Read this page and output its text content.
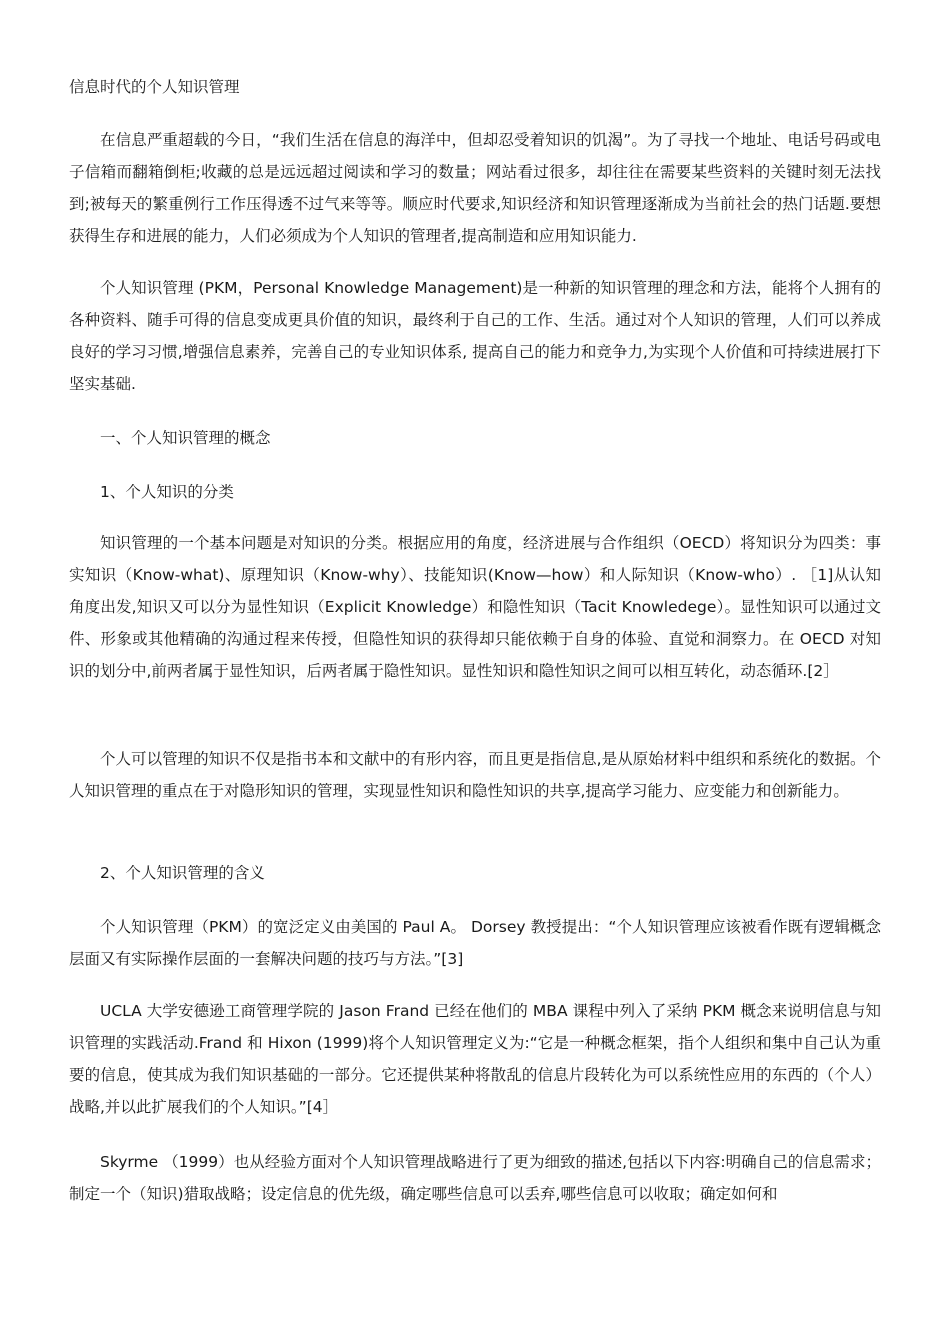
信息时代的个人知识管理

在信息严重超载的今日，“我们生活在信息的海洋中，但却忍受着知识的饥渴”。为了寻找一个地址、电话号码或电子信箱而翻箱倒柜;收藏的总是远远超过阅读和学习的数量；网站看过很多，却往往在需要某些资料的关键时刻无法找到;被每天的繁重例行工作压得透不过气来等等。顺应时代要求,知识经济和知识管理逐渐成为当前社会的热门话题.要想获得生存和进展的能力，人们必须成为个人知识的管理者,提高制造和应用知识能力.

个人知识管理 (PKM，Personal Knowledge Management)是一种新的知识管理的理念和方法，能将个人拥有的各种资料、随手可得的信息变成更具价值的知识，最终利于自己的工作、生活。通过对个人知识的管理，人们可以养成良好的学习习惯,增强信息素养，完善自己的专业知识体系, 提高自己的能力和竞争力,为实现个人价值和可持续进展打下坚实基础.

一、个人知识管理的概念
1、个人知识的分类

知识管理的一个基本问题是对知识的分类。根据应用的角度，经济进展与合作组织（OECD）将知识分为四类：事实知识（Know-what)、原理知识（Know-why）、技能知识(Know—how）和人际知识（Know-who）. ［1]从认知角度出发,知识又可以分为显性知识（Explicit Knowledge）和隐性知识（Tacit Knowledege）。显性知识可以通过文件、形象或其他精确的沟通过程来传授，但隐性知识的获得却只能依赖于自身的体验、直觉和洞察力。在 OECD 对知识的划分中,前两者属于显性知识，后两者属于隐性知识。显性知识和隐性知识之间可以相互转化，动态循环.[2］

个人可以管理的知识不仅是指书本和文献中的有形内容，而且更是指信息,是从原始材料中组织和系统化的数据。个人知识管理的重点在于对隐形知识的管理，实现显性知识和隐性知识的共享,提高学习能力、应变能力和创新能力。

2、个人知识管理的含义

个人知识管理（PKM）的宽泛定义由美国的 Paul A。 Dorsey 教授提出：“个人知识管理应该被看作既有逻辑概念层面又有实际操作层面的一套解决问题的技巧与方法。”[3]

UCLA 大学安德逊工商管理学院的 Jason Frand 已经在他们的 MBA 课程中列入了采纳 PKM 概念来说明信息与知识管理的实践活动.Frand 和 Hixon (1999)将个人知识管理定义为:“它是一种概念框架，指个人组织和集中自己认为重要的信息，使其成为我们知识基础的一部分。它还提供某种将散乱的信息片段转化为可以系统性应用的东西的（个人）战略,并以此扩展我们的个人知识。”[4］

Skyrme （1999）也从经验方面对个人知识管理战略进行了更为细致的描述,包括以下内容:明确自己的信息需求；制定一个（知识)猎取战略；设定信息的优先级，确定哪些信息可以丢弃,哪些信息可以收取；确定如何和
